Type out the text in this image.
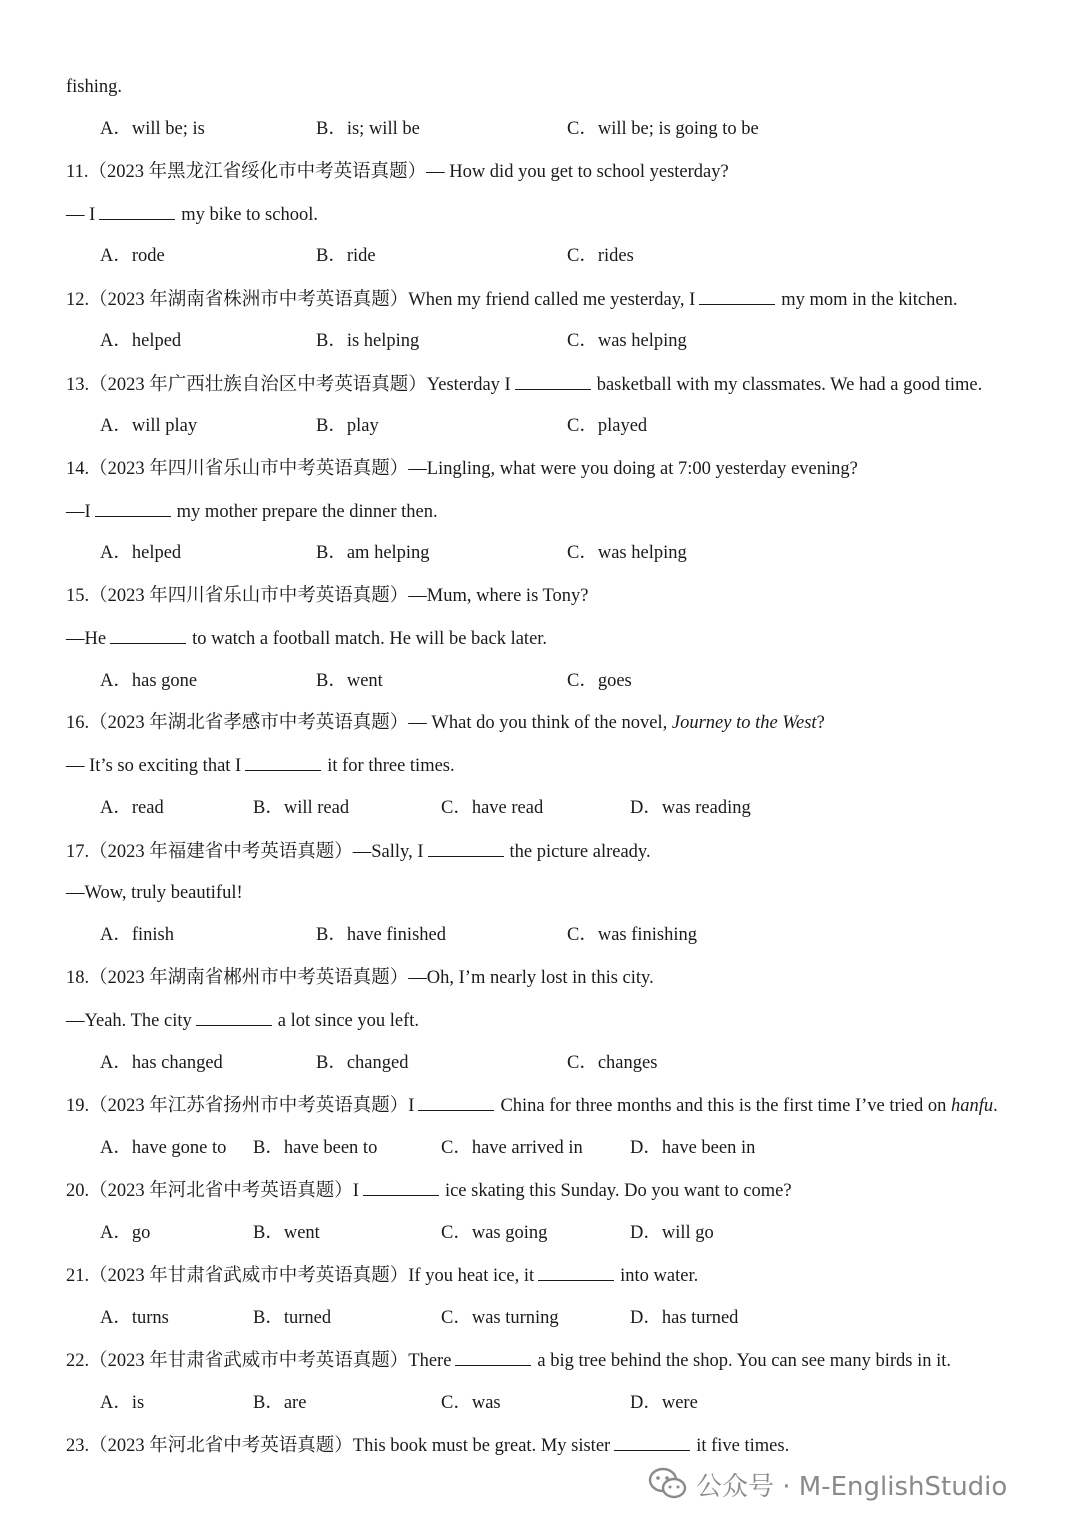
fishing.
11.（2023 年黑龙江省绥化市中考英语真题）— How did you get to school yesterday?
— I	my bike to school.
12.（2023 年湖南省株洲市中考英语真题）When my friend called me yesterday, I	my mom in the kitchen.
13.（2023 年广西壮族自治区中考英语真题）Yesterday I	basketball with my classmates. We had a good time.
14.（2023 年四川省乐山市中考英语真题）—Lingling, what were you doing at 7:00 yesterday evening?
—I	my mother prepare the dinner then.
15.（2023 年四川省乐山市中考英语真题）—Mum, where is Tony?
—He	to watch a football match. He will be back later.
16.（2023 年湖北省孝感市中考英语真题）— What do you think of the novel, Journey to the West?
— It’s so exciting that I	it for three times.
17.（2023 年福建省中考英语真题）—Sally, I	the picture already.
—Wow, truly beautiful!
18.（2023 年湖南省郴州市中考英语真题）—Oh, I’m nearly lost in this city.
—Yeah. The city	a lot since you left.
19.（2023 年江苏省扬州市中考英语真题）I	China for three months and this is the first time I’ve tried on hanfu.
20.（2023 年河北省中考英语真题）I	ice skating this Sunday. Do you want to come?
21.（2023 年甘肃省武威市中考英语真题）If you heat ice, it	into water.
22.（2023 年甘肃省武威市中考英语真题）There	a big tree behind the shop. You can see many birds in it.
23.（2023 年河北省中考英语真题）This book must be great. My sister	it five times.
A．will be; is	B．is; will be	C．will be; is going to be
A．rode	B．ride	C．rides
A．helped	B．is helping	C．was helping
A．will play	B．play	C．played
A．helped	B．am helping	C．was helping
A．has gone	B．went	C．goes
A．read	B．will read	C．have read	D．was reading
A．finish	B．have finished	C．was finishing
A．has changed	B．changed	C．changes
A．have gone to B．have been to	C．have arrived in	D．have been in
A．go	B．went	C．was going	D．will go
A．turns	B．turned	C．was turning	D．has turned
A．is	B．are	C．was	D．were
公众号 · M-EnglishStudio
